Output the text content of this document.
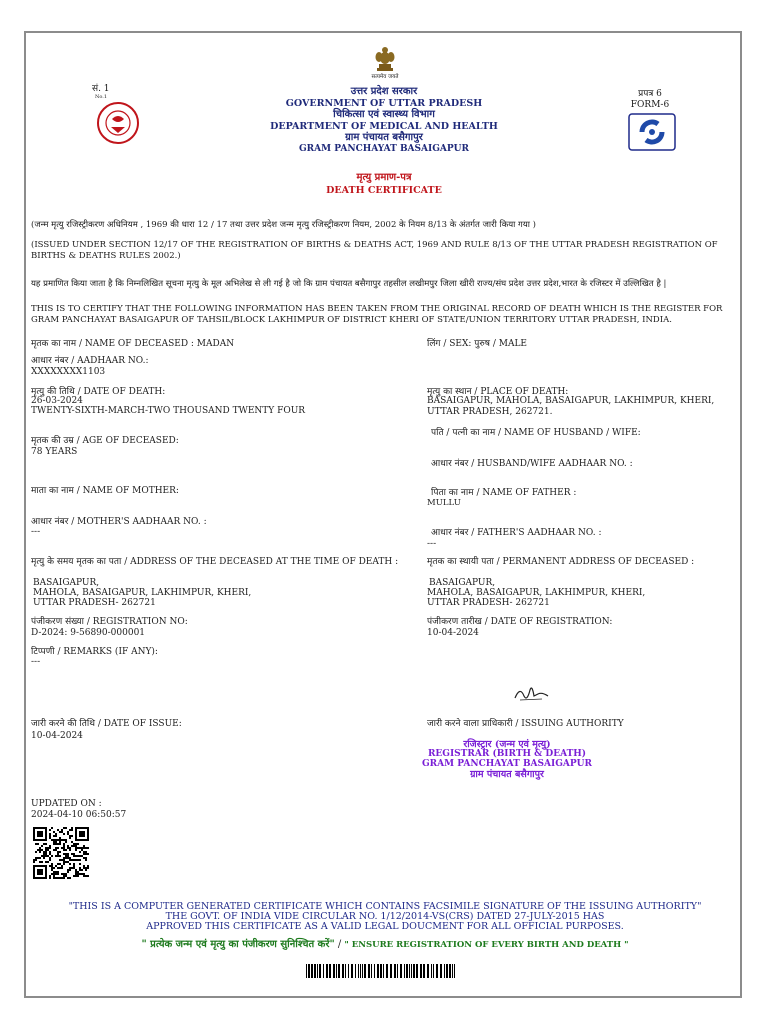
सं. 1
No.1
सत्यमेव जयते
उत्तर प्रदेश सरकार
GOVERNMENT OF UTTAR PRADESH
चिकित्सा एवं स्वास्थ्य विभाग
DEPARTMENT OF MEDICAL AND HEALTH
ग्राम पंचायत बसैगापुर
GRAM PANCHAYAT BASAIGAPUR
प्रपत्र 6
FORM-6
मृत्यु प्रमाण-पत्र
DEATH CERTIFICATE
(जन्म मृत्यु रजिस्ट्रीकरण अधिनियम , 1969 की धारा 12 / 17 तथा उत्तर प्रदेश जन्म मृत्यु रजिस्ट्रीकरण नियम, 2002 के नियम 8/13 के अंतर्गत जारी किया गया )
(ISSUED UNDER SECTION 12/17 OF THE REGISTRATION OF BIRTHS & DEATHS ACT, 1969 AND RULE 8/13 OF THE UTTAR PRADESH REGISTRATION OF BIRTHS & DEATHS RULES 2002.)
यह प्रमाणित किया जाता है कि निम्नलिखित सूचना मृत्यु के मूल अभिलेख से ली गई है जो कि ग्राम पंचायत बसैगापुर तहसील लखीमपुर जिला खीरी राज्य/संघ प्रदेश उत्तर प्रदेश,भारत के रजिस्टर में उल्लिखित है |
THIS IS TO CERTIFY THAT THE FOLLOWING INFORMATION HAS BEEN TAKEN FROM THE ORIGINAL RECORD OF DEATH WHICH IS THE REGISTER FOR GRAM PANCHAYAT BASAIGAPUR OF TAHSIL/BLOCK LAKHIMPUR OF DISTRICT KHERI OF STATE/UNION TERRITORY UTTAR PRADESH, INDIA.
मृतक का नाम / NAME OF DECEASED : MADAN
आधार नंबर / AADHAAR NO.:
XXXXXXXX1103
मृत्यु की तिथि / DATE OF DEATH:
26-03-2024
TWENTY-SIXTH-MARCH-TWO THOUSAND TWENTY FOUR
मृतक की उम्र / AGE OF DECEASED:
78 YEARS
माता का नाम / NAME OF MOTHER:
आधार नंबर / MOTHER'S AADHAAR NO. :
---
मृत्यु के समय मृतक का पता / ADDRESS OF THE DECEASED AT THE TIME OF DEATH :
BASAIGAPUR,
MAHOLA, BASAIGAPUR, LAKHIMPUR, KHERI,
UTTAR PRADESH- 262721
पंजीकरण संख्या / REGISTRATION NO:
D-2024: 9-56890-000001
टिप्पणी / REMARKS (IF ANY):
---
जारी करने की तिथि / DATE OF ISSUE:
10-04-2024
लिंग / SEX: पुरुष / MALE
मृत्यु का स्थान / PLACE OF DEATH:
BASAIGAPUR, MAHOLA, BASAIGAPUR, LAKHIMPUR, KHERI, UTTAR PRADESH, 262721.
पति / पत्नी का नाम / NAME OF HUSBAND / WIFE:
आधार नंबर / HUSBAND/WIFE AADHAAR NO. :
पिता का नाम / NAME OF FATHER :
MULLU
आधार नंबर / FATHER'S AADHAAR NO. :
---
मृतक का स्थायी पता / PERMANENT ADDRESS OF DECEASED :
BASAIGAPUR,
MAHOLA, BASAIGAPUR, LAKHIMPUR, KHERI,
UTTAR PRADESH- 262721
पंजीकरण तारीख / DATE OF REGISTRATION:
10-04-2024
जारी करने वाला प्राधिकारी / ISSUING AUTHORITY
रजिस्ट्रार (जन्म एवं मृत्यु)
REGISTRAR (BIRTH & DEATH)
GRAM PANCHAYAT BASAIGAPUR
ग्राम पंचायत बसैगापुर
UPDATED ON :
2024-04-10 06:50:57
"THIS IS A COMPUTER GENERATED CERTIFICATE WHICH CONTAINS FACSIMILE SIGNATURE OF THE ISSUING AUTHORITY"
THE GOVT. OF INDIA VIDE CIRCULAR NO. 1/12/2014-VS(CRS) DATED 27-JULY-2015 HAS
APPROVED THIS CERTIFICATE AS A VALID LEGAL DOUCMENT FOR ALL OFFICIAL PURPOSES.
" प्रत्येक जन्म एवं मृत्यु का पंजीकरण सुनिश्चित करें" / " ENSURE REGISTRATION OF EVERY BIRTH AND DEATH "
